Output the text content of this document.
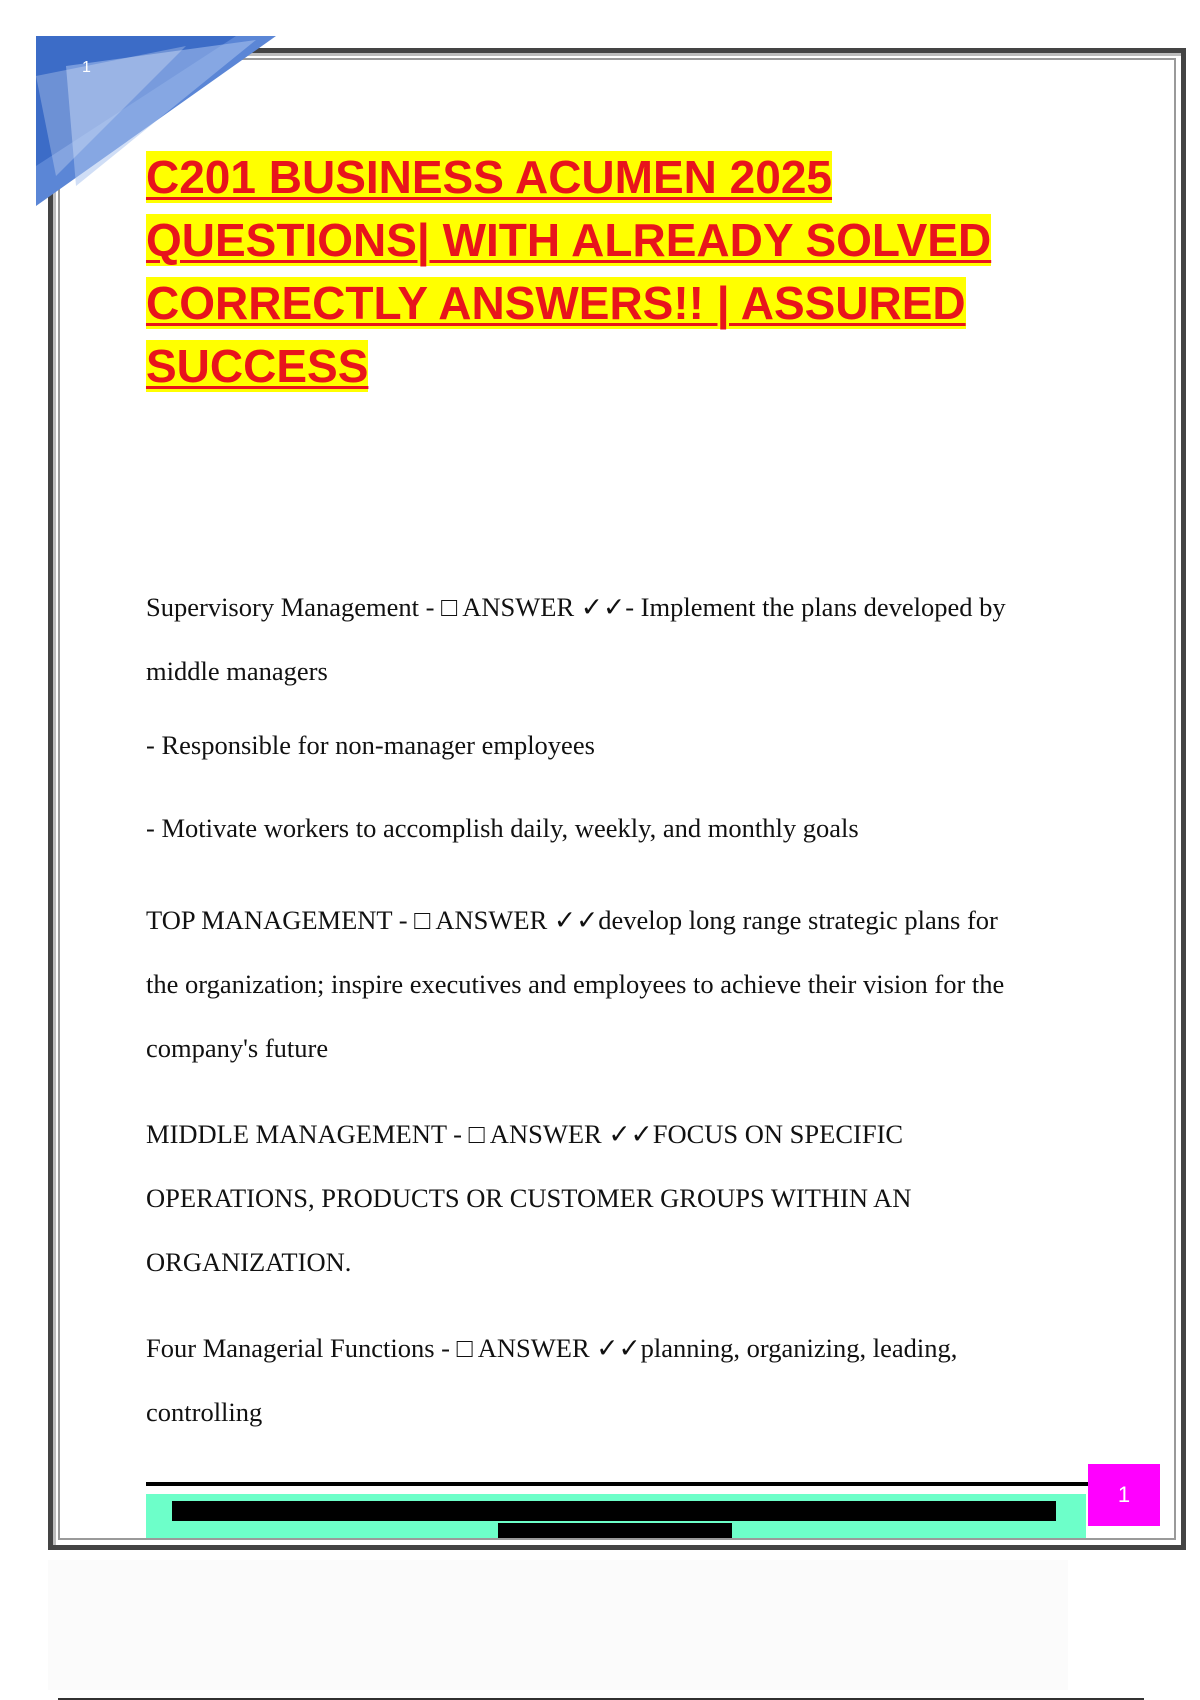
1
C201 BUSINESS ACUMEN 2025
QUESTIONS| WITH ALREADY SOLVED
CORRECTLY ANSWERS!! | ASSURED
SUCCESS

Supervisory Management - □ ANSWER ✓✓- Implement the plans developed by
middle managers

- Responsible for non-manager employees

- Motivate workers to accomplish daily, weekly, and monthly goals

TOP MANAGEMENT - □ ANSWER ✓✓develop long range strategic plans for
the organization; inspire executives and employees to achieve their vision for the
company's future

MIDDLE MANAGEMENT - □ ANSWER ✓✓FOCUS ON SPECIFIC
OPERATIONS, PRODUCTS OR CUSTOMER GROUPS WITHIN AN
ORGANIZATION.

Four Managerial Functions - □ ANSWER ✓✓planning, organizing, leading,
controlling

1
